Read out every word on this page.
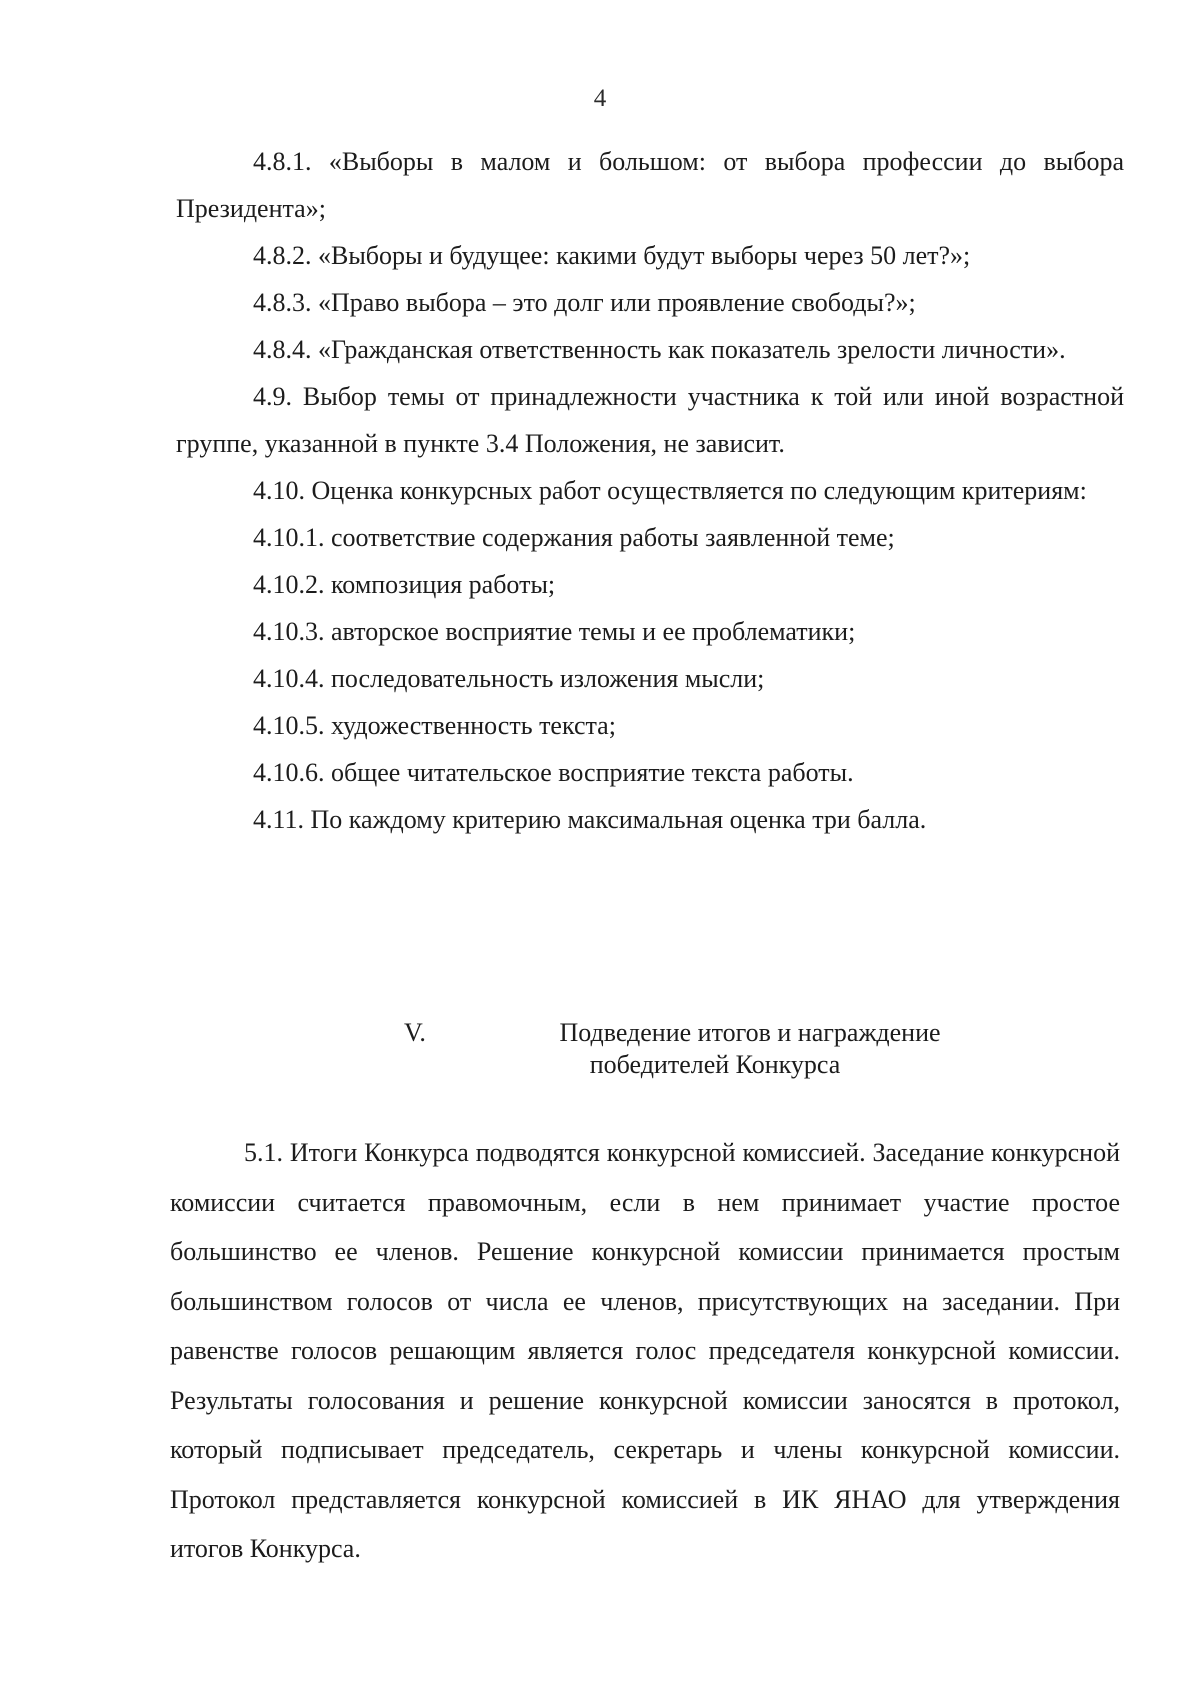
4

4.8.1. «Выборы в малом и большом: от выбора профессии до выбора Президента»;

4.8.2. «Выборы и будущее: какими будут выборы через 50 лет?»;

4.8.3. «Право выбора – это долг или проявление свободы?»;

4.8.4. «Гражданская ответственность как показатель зрелости личности».

4.9. Выбор темы от принадлежности участника к той или иной возрастной группе, указанной в пункте 3.4 Положения, не зависит.

4.10. Оценка конкурсных работ осуществляется по следующим критериям:

4.10.1. соответствие содержания работы заявленной теме;

4.10.2. композиция работы;

4.10.3. авторское восприятие темы и ее проблематики;

4.10.4. последовательность изложения мысли;

4.10.5. художественность текста;

4.10.6. общее читательское восприятие текста работы.

4.11. По каждому критерию максимальная оценка три балла.

V.	Подведение итогов и награждение
победителей Конкурса

5.1. Итоги Конкурса подводятся конкурсной комиссией. Заседание конкурсной комиссии считается правомочным, если в нем принимает участие простое большинство ее членов. Решение конкурсной комиссии принимается простым большинством голосов от числа ее членов, присутствующих на заседании. При равенстве голосов решающим является голос председателя конкурсной комиссии. Результаты голосования и решение конкурсной комиссии заносятся в протокол, который подписывает председатель, секретарь и члены конкурсной комиссии. Протокол представляется конкурсной комиссией в ИК ЯНАО для утверждения итогов Конкурса.
